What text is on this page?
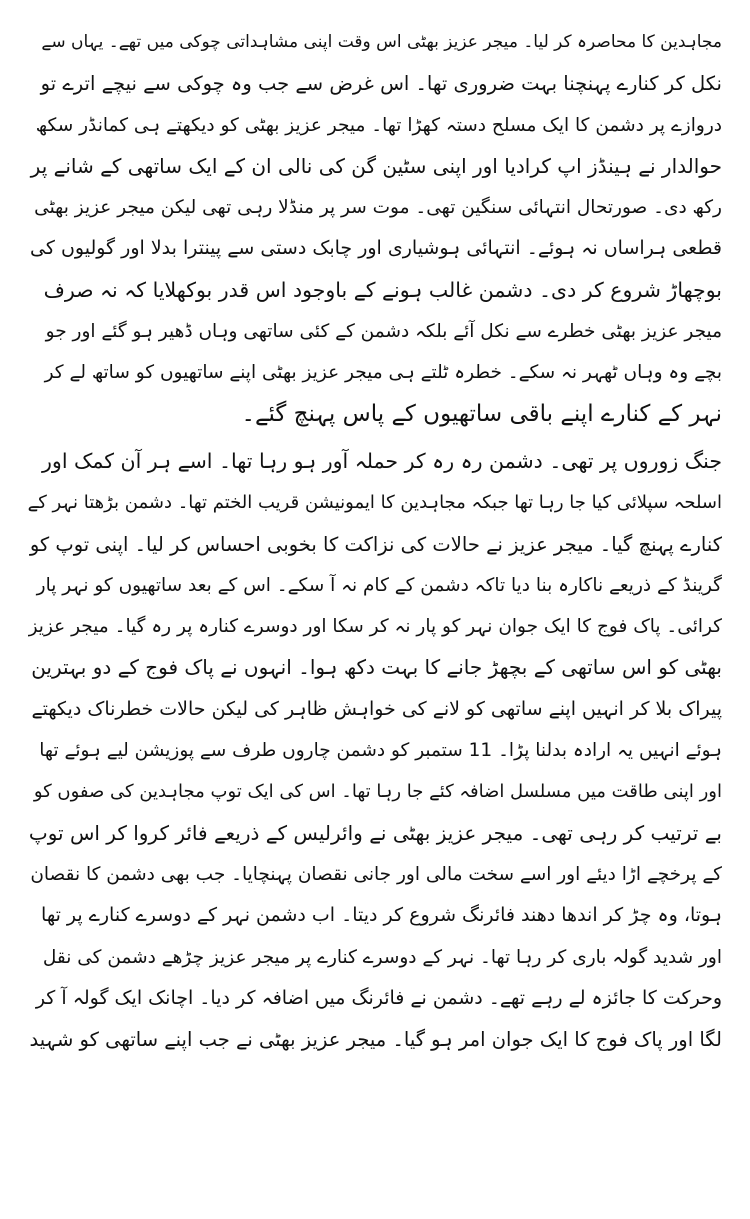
مجاہدین کا محاصرہ کر لیا۔ میجر عزیز بھٹی اس وقت اپنی مشاہداتی چوکی میں تھے۔ یہاں سے
نکل کر کنارے پہنچنا بہت ضروری تھا۔ اس غرض سے جب وہ چوکی سے نیچے اترے تو
دروازے پر دشمن کا ایک مسلح دستہ کھڑا تھا۔ میجر عزیز بھٹی کو دیکھتے ہی کمانڈر سکھ
حوالدار نے ہینڈز اپ کرادیا اور اپنی سٹین گن کی نالی ان کے ایک ساتھی کے شانے پر
رکھ دی۔ صورتحال انتہائی سنگین تھی۔ موت سر پر منڈلا رہی تھی لیکن میجر عزیز بھٹی
قطعی ہراساں نہ ہوئے۔ انتہائی ہوشیاری اور چابک دستی سے پینترا بدلا اور گولیوں کی
بوچھاڑ شروع کر دی۔ دشمن غالب ہونے کے باوجود اس قدر بوکھلایا کہ نہ صرف
میجر عزیز بھٹی خطرے سے نکل آئے بلکہ دشمن کے کئی ساتھی وہاں ڈھیر ہو گئے اور جو
بچے وہ وہاں ٹھہر نہ سکے۔ خطرہ ٹلتے ہی میجر عزیز بھٹی اپنے ساتھیوں کو ساتھ لے کر
نہر کے کنارے اپنے باقی ساتھیوں کے پاس پہنچ گئے۔
جنگ زوروں پر تھی۔ دشمن رہ رہ کر حملہ آور ہو رہا تھا۔ اسے ہر آن کمک اور
اسلحہ سپلائی کیا جا رہا تھا جبکہ مجاہدین کا ایمونیشن قریب الختم تھا۔ دشمن بڑھتا نہر کے
کنارے پہنچ گیا۔ میجر عزیز نے حالات کی نزاکت کا بخوبی احساس کر لیا۔ اپنی توپ کو
گرینڈ کے ذریعے ناکارہ بنا دیا تاکہ دشمن کے کام نہ آ سکے۔ اس کے بعد ساتھیوں کو نہر پار
کرائی۔ پاک فوج کا ایک جوان نہر کو پار نہ کر سکا اور دوسرے کنارہ پر رہ گیا۔ میجر عزیز
بھٹی کو اس ساتھی کے بچھڑ جانے کا بہت دکھ ہوا۔ انہوں نے پاک فوج کے دو بہترین
پیراک بلا کر انہیں اپنے ساتھی کو لانے کی خواہش ظاہر کی لیکن حالات خطرناک دیکھتے
ہوئے انہیں یہ ارادہ بدلنا پڑا۔ 11 ستمبر کو دشمن چاروں طرف سے پوزیشن لیے ہوئے تھا
اور اپنی طاقت میں مسلسل اضافہ کئے جا رہا تھا۔ اس کی ایک توپ مجاہدین کی صفوں کو
بے ترتیب کر رہی تھی۔ میجر عزیز بھٹی نے وائرلیس کے ذریعے فائر کروا کر اس توپ
کے پرخچے اڑا دیئے اور اسے سخت مالی اور جانی نقصان پہنچایا۔ جب بھی دشمن کا نقصان
ہوتا، وہ چڑ کر اندھا دھند فائرنگ شروع کر دیتا۔ اب دشمن نہر کے دوسرے کنارے پر تھا
اور شدید گولہ باری کر رہا تھا۔ نہر کے دوسرے کنارے پر میجر عزیز چڑھے دشمن کی نقل
وحرکت کا جائزہ لے رہے تھے۔ دشمن نے فائرنگ میں اضافہ کر دیا۔ اچانک ایک گولہ آ کر
لگا اور پاک فوج کا ایک جوان امر ہو گیا۔ میجر عزیز بھٹی نے جب اپنے ساتھی کو شہید
